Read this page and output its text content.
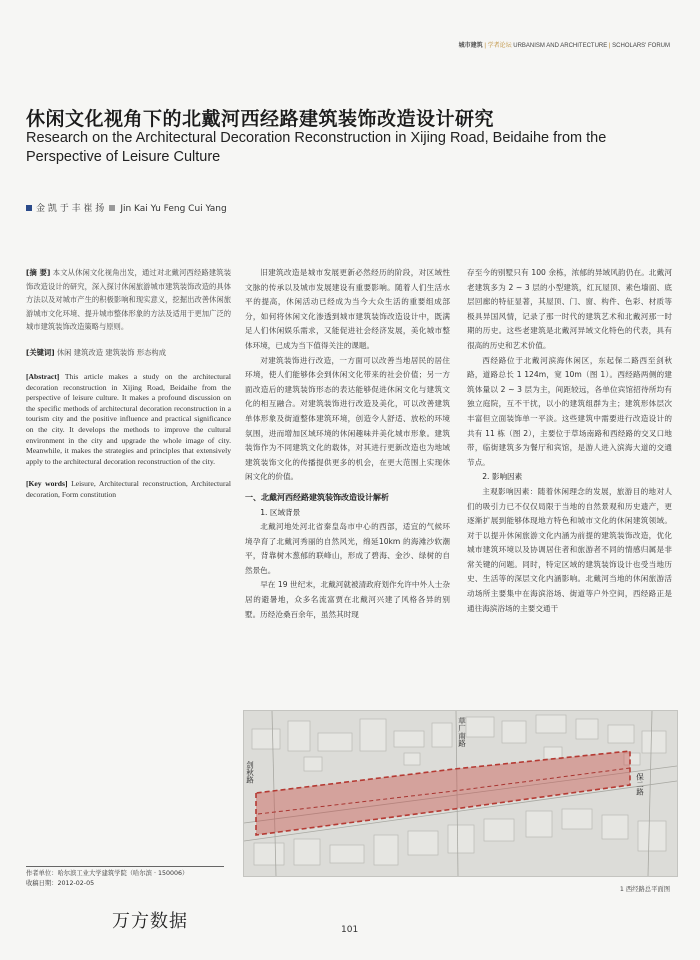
城市建筑 | 学者论坛 URBANISM AND ARCHITECTURE | SCHOLARS' FORUM
休闲文化视角下的北戴河西经路建筑装饰改造设计研究
Research on the Architectural Decoration Reconstruction in Xijing Road, Beidaihe from the Perspective of Leisure Culture
金 凯 于 丰 崔 扬 Jin Kai Yu Feng Cui Yang
[摘 要] 本文从休闲文化视角出发，通过对北戴河西经路建筑装饰改造设计的研究，深入探讨休闲旅游城市建筑装饰改造的具体方法以及对城市产生的积极影响和现实意义，挖掘出改善休闲旅游城市文化环境、提升城市整体形象的方法及适用于更加广泛的城市建筑装饰改造策略与原则。
[关键词] 休闲 建筑改造 建筑装饰 形态构成
[Abstract] This article makes a study on the architectural decoration reconstruction in Xijing Road, Beidaihe from the perspective of leisure culture. It makes a profound discussion on the specific methods of architectural decoration reconstruction in a tourism city and the positive influence and practical significance on the city. It develops the methods to improve the cultural environment in the city and upgrade the whole image of city. Meanwhile, it makes the strategies and principles that extensively apply to the architectural decoration reconstruction of the city.
[Key words] Leisure, Architectural reconstruction, Architectural decoration, Form constitution

旧建筑改造是城市发展更新必然经历的阶段，对区域性文脉的传承以及城市发展建设有重要影响。随着人们生活水平的提高，休闲活动已经成为当今大众生活的重要组成部分，如何将休闲文化渗透到城市建筑装饰改造设计中，既满足人们休闲娱乐需求，又能促进社会经济发展，美化城市整体环境，已成为当下值得关注的课题。

对建筑装饰进行改造，一方面可以改善当地居民的居住环境，使人们能够体会到休闲文化带来的社会价值；另一方面改造后的建筑装饰形态的表达能够促进休闲文化与建筑文化的相互融合。对建筑装饰进行改造及美化，可以改善建筑单体形象及街道整体建筑环境，创造令人舒适、放松的环境氛围，进而增加区域环境的休闲趣味并美化城市形象。建筑装饰作为不同建筑文化的载体，对其进行更新改造也为地域建筑装饰文化的传播提供更多的机会，在更大范围上实现休闲文化的价值。

一、北戴河西经路建筑装饰改造设计解析

1. 区域背景

北戴河地处河北省秦皇岛市中心的西部，适宜的气候环境孕育了北戴河秀丽的自然风光，绵延10km 的海滩沙软潮平，背靠树木葱郁的联峰山，形成了碧海、金沙、绿树的自然景色。

早在 19 世纪末，北戴河就被清政府划作允许中外人士杂居的避暑地，众多名流富贾在北戴河兴建了风格各异的别墅。历经沧桑百余年，虽然其时现

存至今的别墅只有 100 余栋，浓郁的异域风韵仍在。北戴河老建筑多为 2 ~ 3 层的小型建筑，红瓦屋顶、素色墙面、底层回廊的特征显著，其屋顶、门、窗、构件、色彩、材质等极具异国风情，记录了那一时代的建筑艺术和北戴河那一时期的历史。这些老建筑是北戴河异域文化特色的代表，具有很高的历史和艺术价值。

西经路位于北戴河滨海休闲区，东起保二路西至剑秋路，道路总长 1 124m，宽 10m（图 1）。西经路两侧的建筑体量以 2 ~ 3 层为主，间距较远，各单位宾馆招待所均有独立庭院，互不干扰，以小的建筑组群为主；建筑形体层次丰富但立面装饰单一平淡。这些建筑中需要进行改造设计的共有 11 栋（图 2），主要位于草场南路和西经路的交叉口地带，临街建筑多为餐厅和宾馆，是游人进入滨海大道的交通节点。

2. 影响因素

主观影响因素：随着休闲理念的发展，旅游目的地对人们的吸引力已不仅仅局限于当地的自然景观和历史遗产，更逐渐扩展到能够体现地方特色和城市文化的休闲建筑领域。对于以提升休闲旅游文化内涵为前提的建筑装饰改造，优化城市建筑环境以及协调居住者和旅游者不同的情感归属是非常关键的问题。同时，特定区域的建筑装饰设计也受当地历史、生活等的深层文化内涵影响。北戴河当地的休闲旅游活动场所主要集中在海滨浴场、街道等户外空间，西经路正是通往海滨浴场的主要交通干

剑秋路
草厂南路
保二路
1 西经路总平面图
作者单位：哈尔滨工业大学建筑学院（哈尔滨 · 150006）
收稿日期：2012-02-05
万方数据	101
